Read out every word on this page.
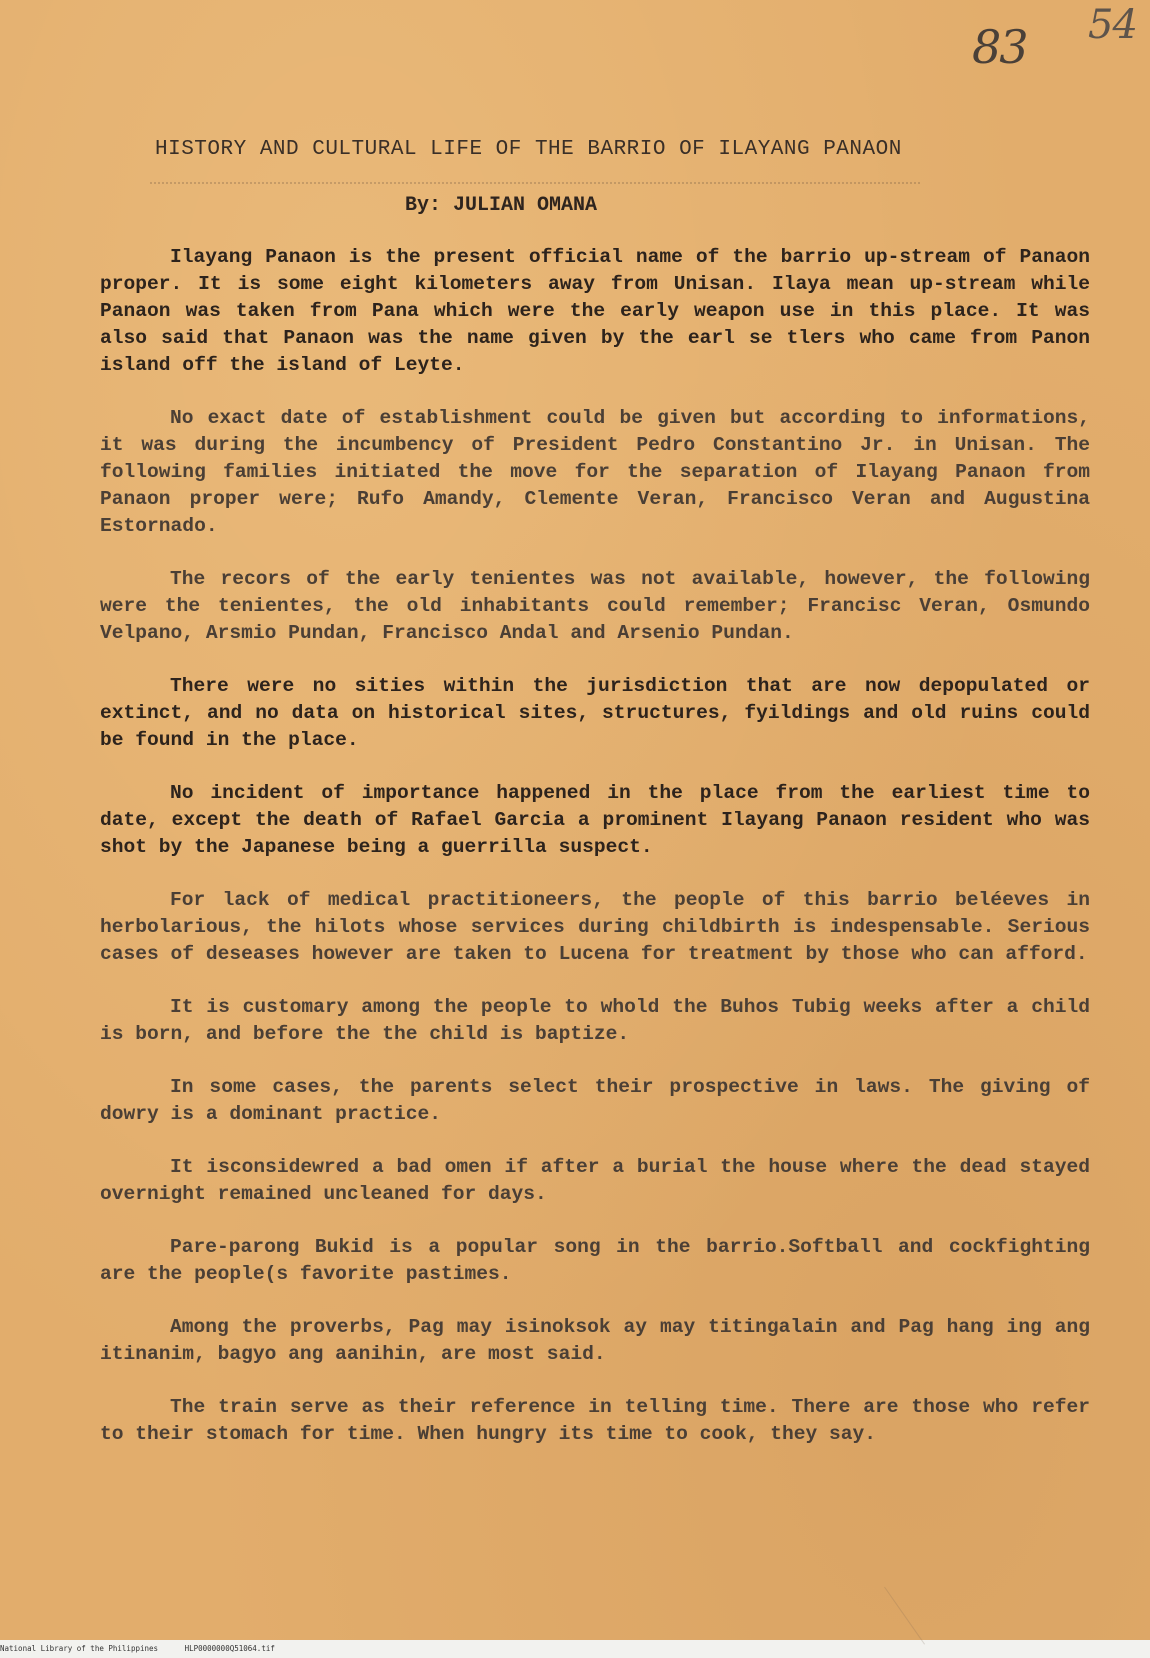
83 54
HISTORY AND CULTURAL LIFE OF THE BARRIO OF ILAYANG PANAON
By: JULIAN OMANA

Ilayang Panaon is the present official name of the barrio up-stream of Panaon proper. It is some eight kilometers away from Unisan. Ilaya mean up-stream while Panaon was taken from Pana which were the early weapon use in this place. It was also said that Panaon was the name given by the earl se tlers who came from Panon island off the island of Leyte.

No exact date of establishment could be given but according to informations, it was during the incumbency of President Pedro Constantino Jr. in Unisan. The following families initiated the move for the separation of Ilayang Panaon from Panaon proper were; Rufo Amandy, Clemente Veran, Francisco Veran and Augustina Estornado.

The recors of the early tenientes was not available, however, the following were the tenientes, the old inhabitants could remember; Francisc Veran, Osmundo Velpano, Arsmio Pundan, Francisco Andal and Arsenio Pundan.

There were no sities within the jurisdiction that are now depopulated or extinct, and no data on historical sites, structures, fyildings and old ruins could be found in the place.

No incident of importance happened in the place from the earliest time to date, except the death of Rafael Garcia a prominent Ilayang Panaon resident who was shot by the Japanese being a guerrilla suspect.

For lack of medical practitioneers, the people of this barrio beléeves in herbolarious, the hilots whose services during childbirth is indespensable. Serious cases of deseases however are taken to Lucena for treatment by those who can afford.

It is customary among the people to whold the Buhos Tubig weeks after a child is born, and before the the child is baptize.

In some cases, the parents select their prospective in laws. The giving of dowry is a dominant practice.

It isconsidewred a bad omen if after a burial the house where the dead stayed overnight remained uncleaned for days.

Pare-parong Bukid is a popular song in the barrio.Softball and cockfighting are the people(s favorite pastimes.

Among the proverbs, Pag may isinoksok ay may titingalain and Pag hang ing ang itinanim, bagyo ang aanihin, are most said.

The train serve as their reference in telling time. There are those who refer to their stomach for time. When hungry its time to cook, they say.

National Library of the Philippines	HLP0000000Q51064.tif
